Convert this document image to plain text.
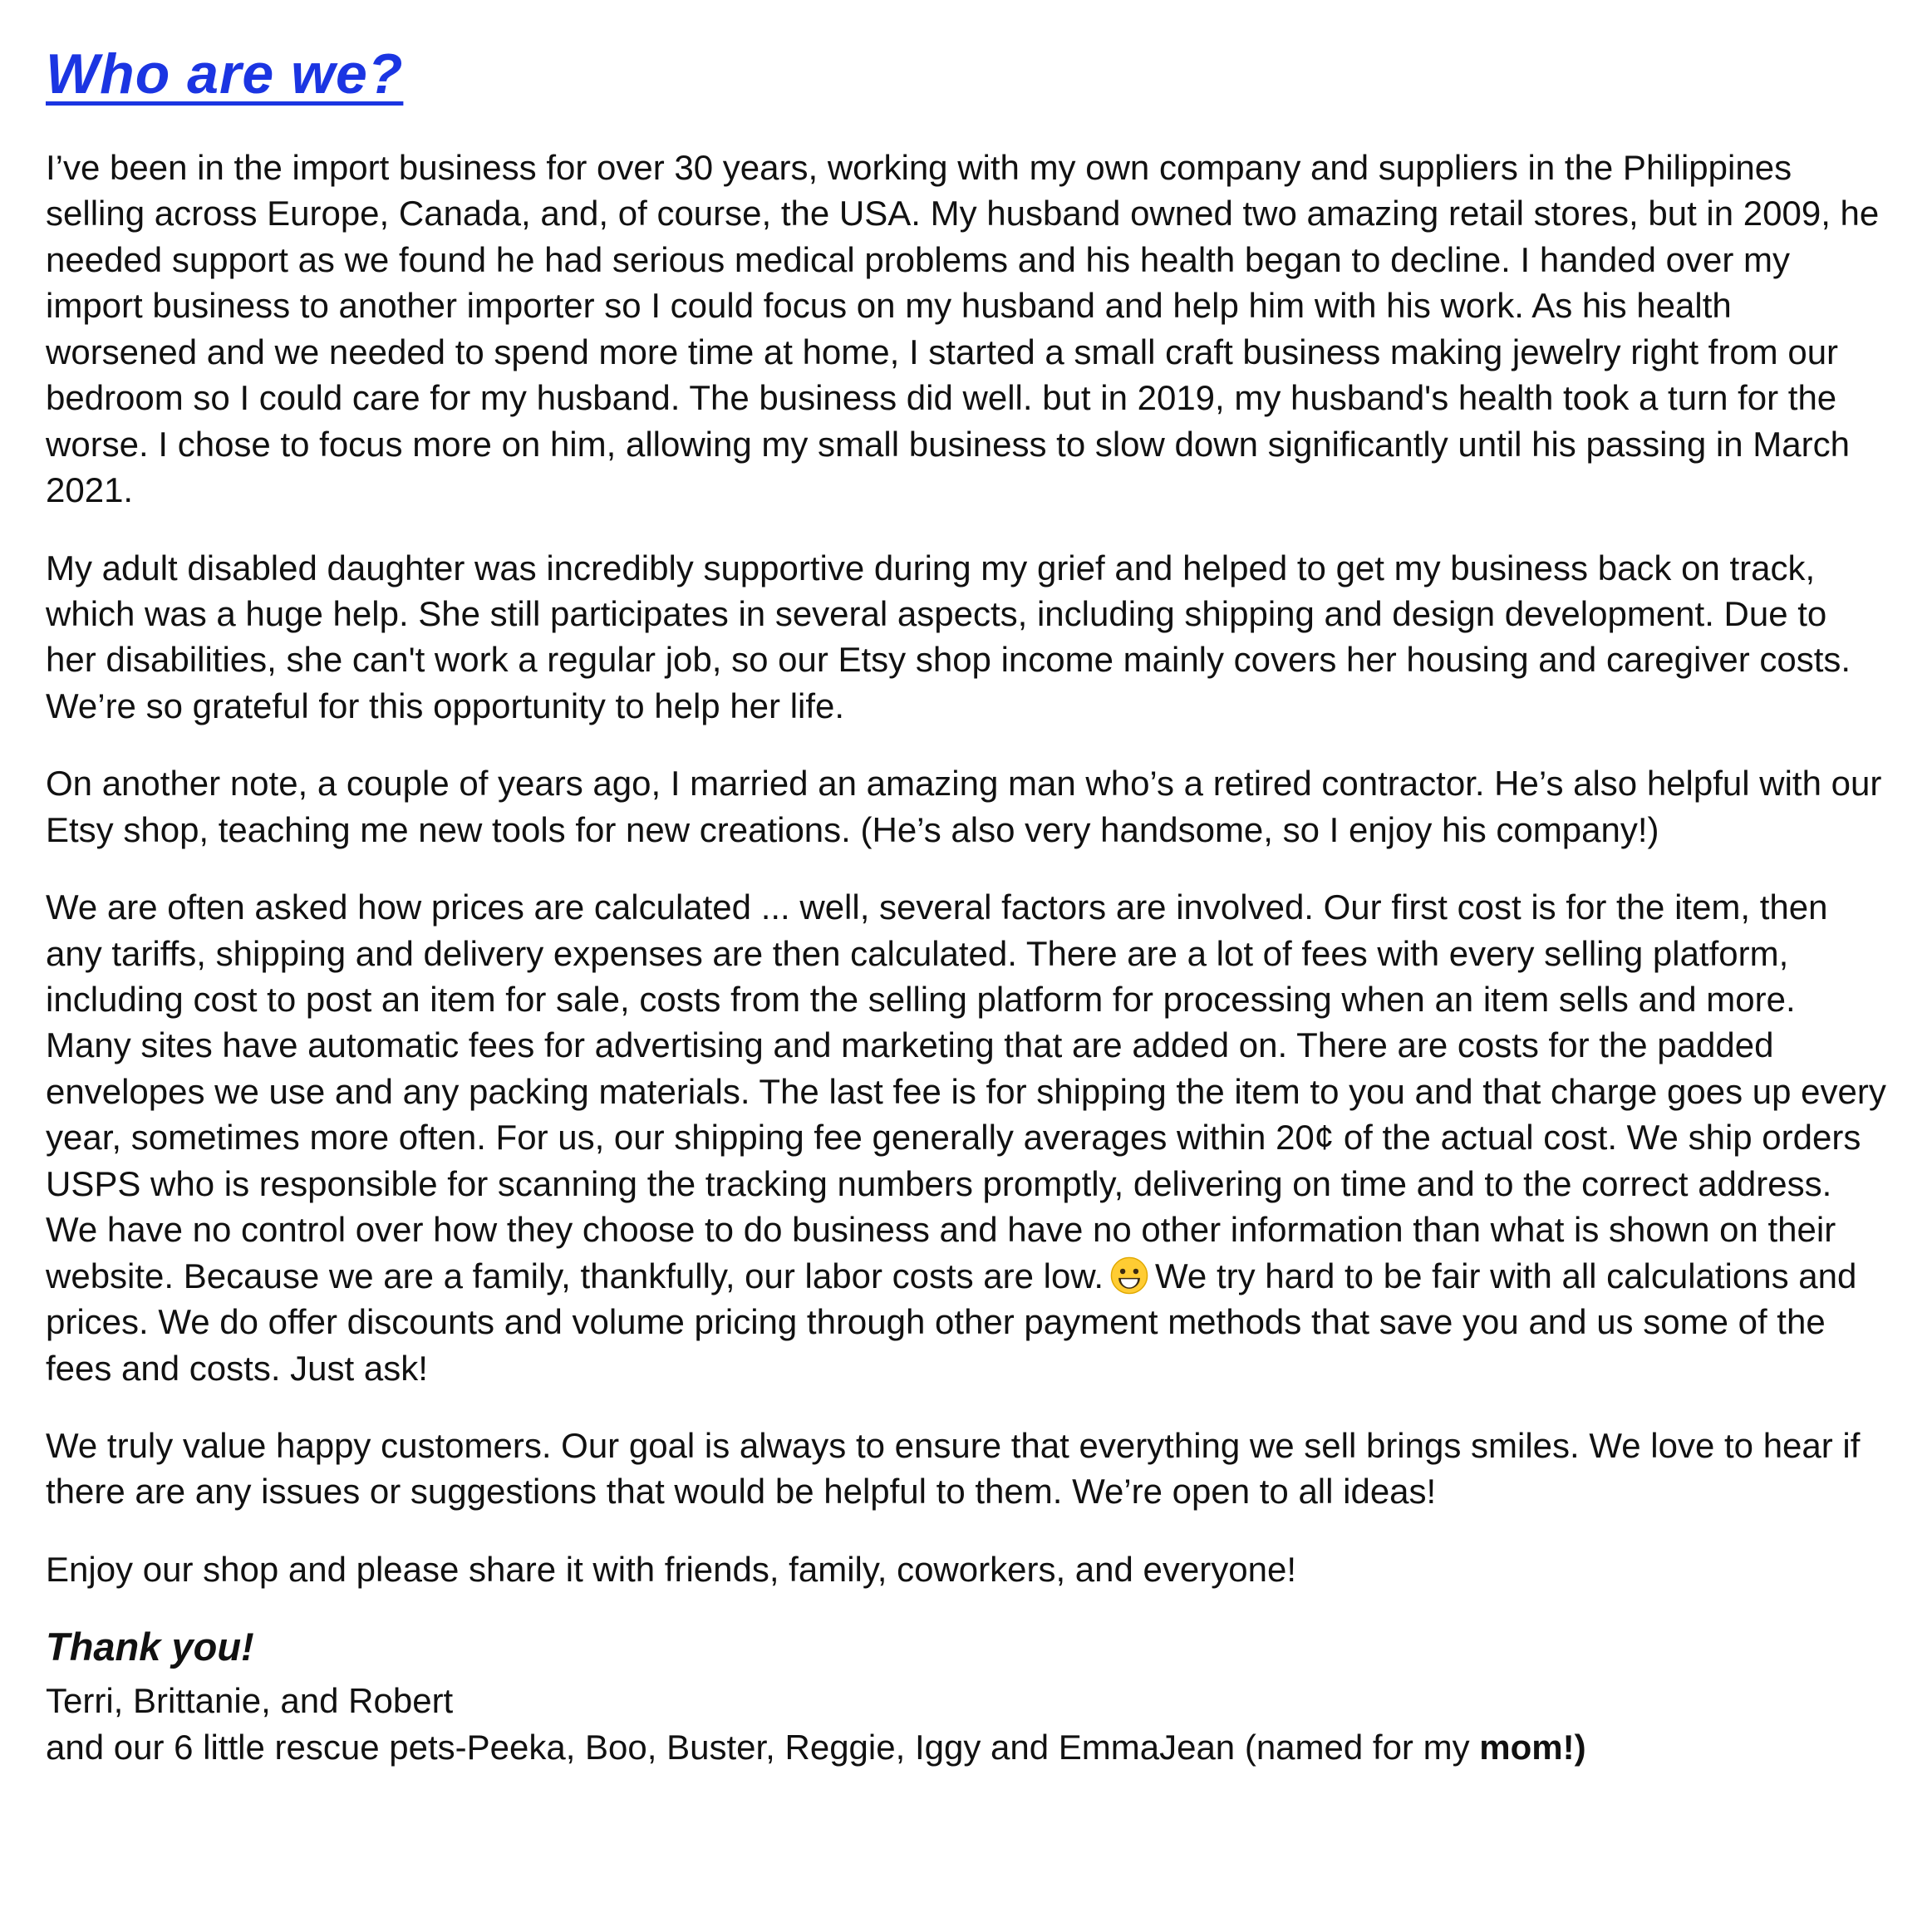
Who are we?

I’ve been in the import business for over 30 years, working with my own company and suppliers in the Philippines selling across Europe, Canada, and, of course, the USA. My husband owned two amazing retail stores, but in 2009, he needed support as we found he had serious medical problems and his health began to decline. I handed over my import business to another importer so I could focus on my husband and help him with his work. As his health worsened and we needed to spend more time at home, I started a small craft business making jewelry right from our bedroom so I could care for my husband. The business did well. but in 2019, my husband's health took a turn for the worse. I chose to focus more on him, allowing my small business to slow down significantly until his passing in March 2021.

My adult disabled daughter was incredibly supportive during my grief and helped to get my business back on track, which was a huge help. She still participates in several aspects, including shipping and design development. Due to her disabilities, she can't work a regular job, so our Etsy shop income mainly covers her housing and caregiver costs. We’re so grateful for this opportunity to help her life.

On another note, a couple of years ago, I married an amazing man who’s a retired contractor. He’s also helpful with our Etsy shop, teaching me new tools for new creations. (He’s also very handsome, so I enjoy his company!)

We are often asked how prices are calculated ... well, several factors are involved. Our first cost is for the item, then any tariffs, shipping and delivery expenses are then calculated. There are a lot of fees with every selling platform, including cost to post an item for sale, costs from the selling platform for processing when an item sells and more. Many sites have automatic fees for advertising and marketing that are added on. There are costs for the padded envelopes we use and any packing materials. The last fee is for shipping the item to you and that charge goes up every year, sometimes more often. For us, our shipping fee generally averages within 20¢ of the actual cost. We ship orders USPS who is responsible for scanning the tracking numbers promptly, delivering on time and to the correct address. We have no control over how they choose to do business and have no other information than what is shown on their website. Because we are a family, thankfully, our labor costs are low. We try hard to be fair with all calculations and prices. We do offer discounts and volume pricing through other payment methods that save you and us some of the fees and costs. Just ask!

We truly value happy customers. Our goal is always to ensure that everything we sell brings smiles. We love to hear if there are any issues or suggestions that would be helpful to them. We’re open to all ideas!

Enjoy our shop and please share it with friends, family, coworkers, and everyone!

Thank you!

Terri, Brittanie, and Robert

and our 6 little rescue pets-Peeka, Boo, Buster, Reggie, Iggy and EmmaJean (named for my mom!)
